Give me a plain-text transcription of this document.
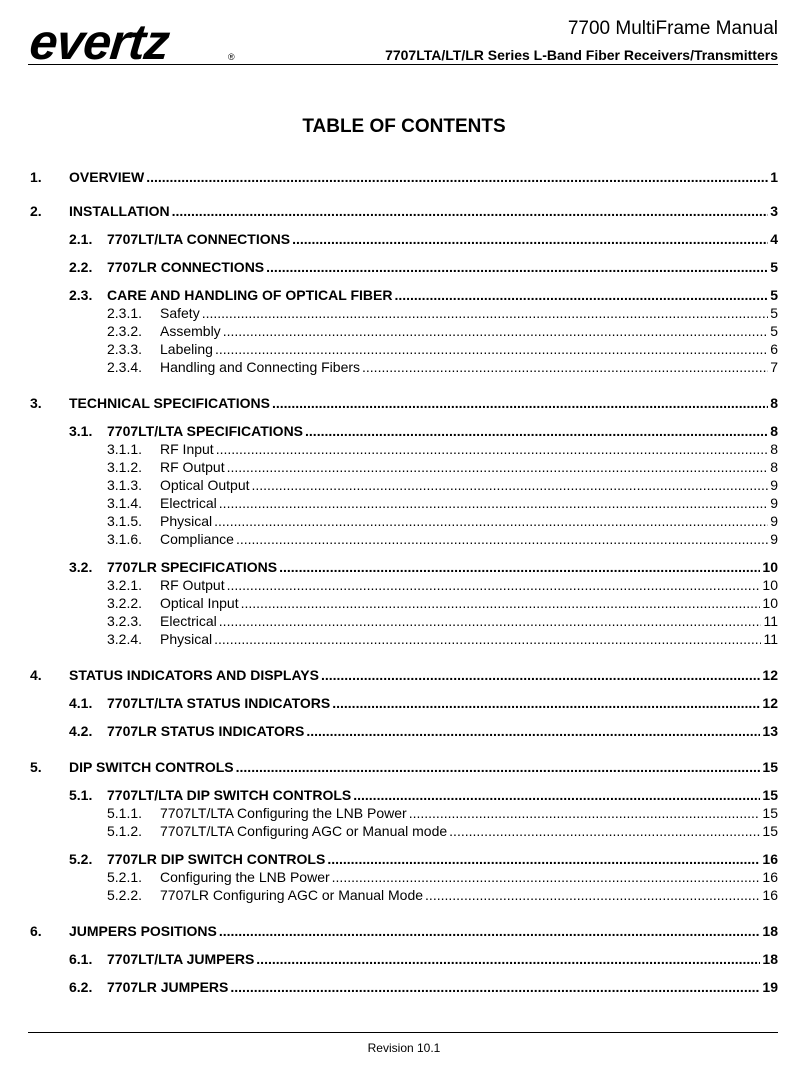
evertz	®
7700 MultiFrame Manual
7707LTA/LT/LR Series L-Band Fiber Receivers/Transmitters
TABLE OF CONTENTS
1.	OVERVIEW .....	1
2.	INSTALLATION .....	3
2.1.	7707LT/LTA CONNECTIONS .....	4
2.2.	7707LR CONNECTIONS .....	5
2.3.	CARE AND HANDLING OF OPTICAL FIBER .....	5
2.3.1.	Safety .....	5
2.3.2.	Assembly .....	5
2.3.3.	Labeling .....	6
2.3.4.	Handling and Connecting Fibers .....	7
3.	TECHNICAL SPECIFICATIONS .....	8
3.1.	7707LT/LTA SPECIFICATIONS .....	8
3.1.1.	RF Input .....	8
3.1.2.	RF Output .....	8
3.1.3.	Optical Output .....	9
3.1.4.	Electrical .....	9
3.1.5.	Physical .....	9
3.1.6.	Compliance .....	9
3.2.	7707LR SPECIFICATIONS .....	10
3.2.1.	RF Output .....	10
3.2.2.	Optical Input .....	10
3.2.3.	Electrical .....	11
3.2.4.	Physical .....	11
4.	STATUS INDICATORS AND DISPLAYS .....	12
4.1.	7707LT/LTA STATUS INDICATORS .....	12
4.2.	7707LR STATUS INDICATORS .....	13
5.	DIP SWITCH CONTROLS .....	15
5.1.	7707LT/LTA DIP SWITCH CONTROLS .....	15
5.1.1.	7707LT/LTA Configuring the LNB Power .....	15
5.1.2.	7707LT/LTA Configuring AGC or Manual mode .....	15
5.2.	7707LR DIP SWITCH CONTROLS .....	16
5.2.1.	Configuring the LNB Power .....	16
5.2.2.	7707LR Configuring AGC or Manual Mode .....	16
6.	JUMPERS POSITIONS .....	18
6.1.	7707LT/LTA JUMPERS .....	18
6.2.	7707LR JUMPERS .....	19
Revision 10.1
